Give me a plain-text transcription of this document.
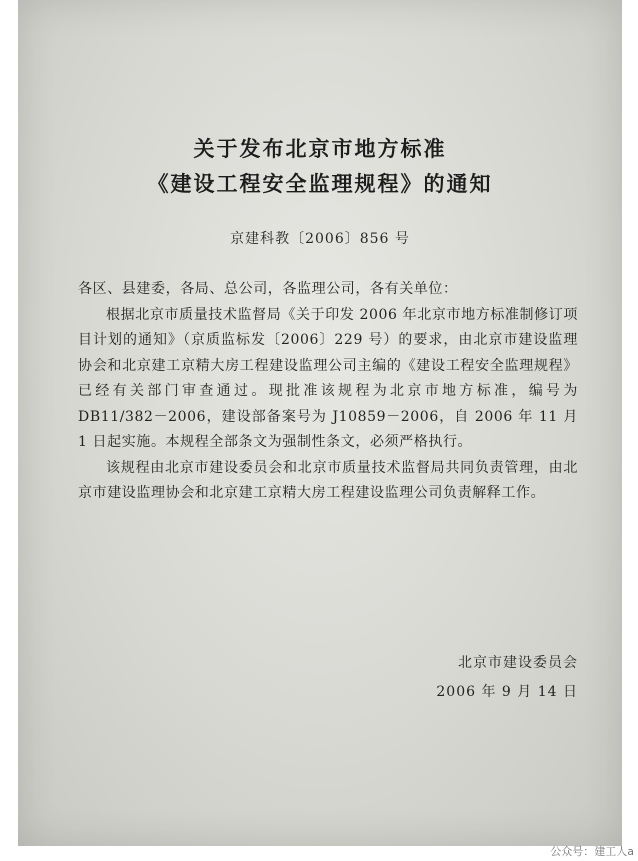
关于发布北京市地方标准
《建设工程安全监理规程》的通知
京建科教〔2006〕856 号

各区、县建委，各局、总公司，各监理公司，各有关单位：

根据北京市质量技术监督局《关于印发 2006 年北京市地方标准制修订项目计划的通知》（京质监标发〔2006〕229 号）的要求，由北京市建设监理协会和北京建工京精大房工程建设监理公司主编的《建设工程安全监理规程》已经有关部门审查通过。现批准该规程为北京市地方标准，编号为 DB11/382－2006，建设部备案号为 J10859－2006，自 2006 年 11 月 1 日起实施。本规程全部条文为强制性条文，必须严格执行。

该规程由北京市建设委员会和北京市质量技术监督局共同负责管理，由北京市建设监理协会和北京建工京精大房工程建设监理公司负责解释工作。

北京市建设委员会
2006 年 9 月 14 日
公众号：建工人a
